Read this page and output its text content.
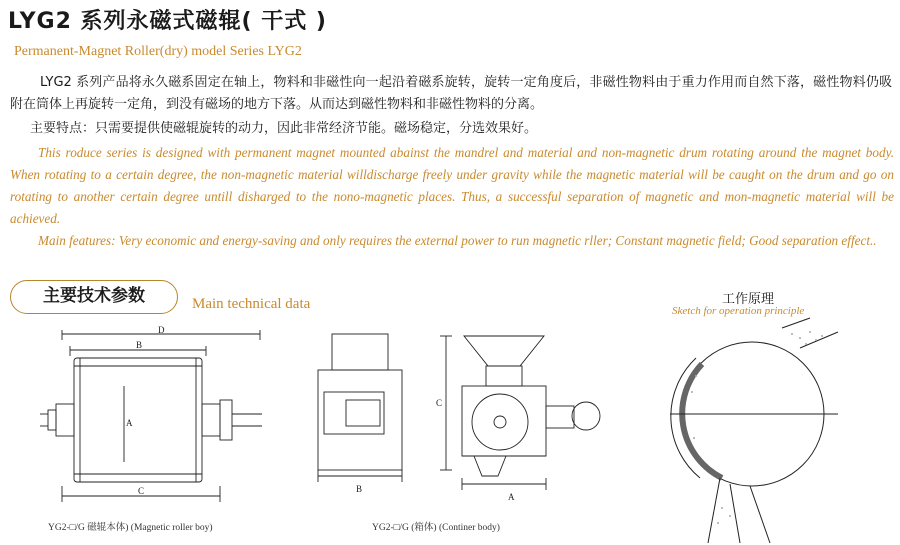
LYG2 系列永磁式磁辊( 干式 )
Permanent-Magnet Roller(dry) model Series LYG2
LYG2 系列产品将永久磁系固定在轴上，物料和非磁性向一起沿着磁系旋转，旋转一定角度后，非磁性物料由于重力作用而自然下落，磁性物料仍吸附在筒体上再旋转一定角，到没有磁场的地方下落。从而达到磁性物料和非磁性物料的分离。
主要特点：只需要提供使磁辊旋转的动力，因此非常经济节能。磁场稳定，分选效果好。
This roduce series is designed with permanent magnet mounted abainst the mandrel and material and non-magnetic drum rotating around the magnet body. When rotating to a certain degree, the non-magnetic material willdischarge freely under gravity while the magnetic material will be caught on the drum and go on rotating to another certain degree untill disharged to the nono-magnetic places. Thus, a successful separation of magnetic and mon-magnetic material will be achieved.
Main features: Very economic and energy-saving and only requires the external power to run magnetic rller; Constant magnetic field; Good separation effect..
主要技术参数	Main technical data
D
B
A
C
YG2-□/G 磁辊本体) (Magnetic roller boy)
C
B
A
YG2-□/G (箱体) (Continer body)
工作原理
Sketch for operation principle
